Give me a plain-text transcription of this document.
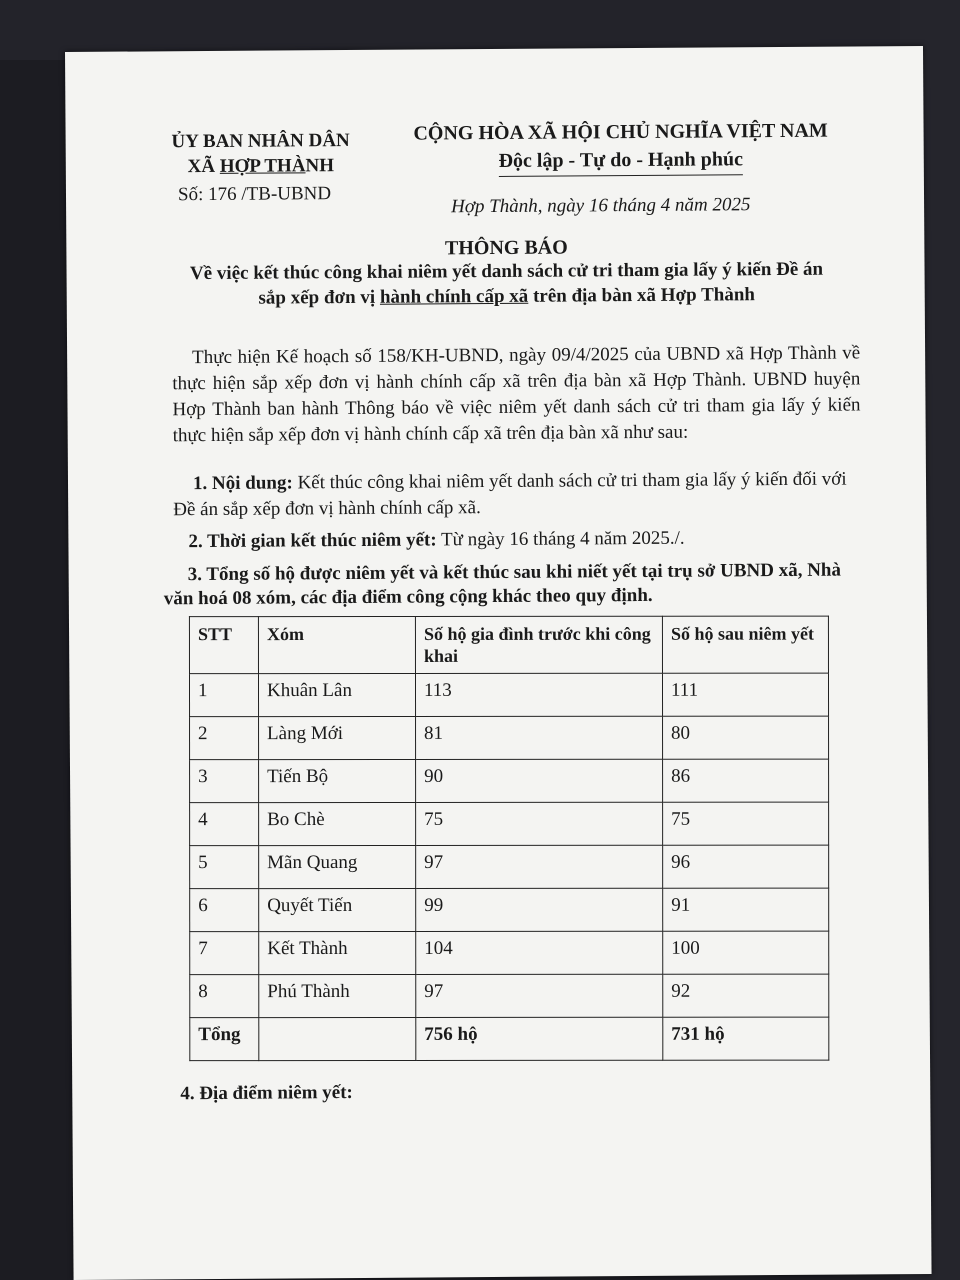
ỦY BAN NHÂN DÂN
XÃ HỢP THÀNH
Số: 176 /TB-UBND
CỘNG HÒA XÃ HỘI CHỦ NGHĨA VIỆT NAM
Độc lập - Tự do - Hạnh phúc
Hợp Thành, ngày 16 tháng 4 năm 2025
THÔNG BÁO
Về việc kết thúc công khai niêm yết danh sách cử tri tham gia lấy ý kiến Đề án
sắp xếp đơn vị hành chính cấp xã trên địa bàn xã Hợp Thành
Thực hiện Kế hoạch số 158/KH-UBND, ngày 09/4/2025 của UBND xã Hợp Thành về thực hiện sắp xếp đơn vị hành chính cấp xã trên địa bàn xã Hợp Thành. UBND huyện Hợp Thành ban hành Thông báo về việc niêm yết danh sách cử tri tham gia lấy ý kiến thực hiện sắp xếp đơn vị hành chính cấp xã trên địa bàn xã như sau:
1. Nội dung: Kết thúc công khai niêm yết danh sách cử tri tham gia lấy ý kiến đối với Đề án sắp xếp đơn vị hành chính cấp xã.
2. Thời gian kết thúc niêm yết: Từ ngày 16 tháng 4 năm 2025./.
3. Tổng số hộ được niêm yết và kết thúc sau khi niết yết tại trụ sở UBND xã, Nhà văn hoá 08 xóm, các địa điểm công cộng khác theo quy định.
STT	Xóm	Số hộ gia đình trước khi công khai	Số hộ sau niêm yết
1	Khuân Lân	113	111
2	Làng Mới	81	80
3	Tiến Bộ	90	86
4	Bo Chè	75	75
5	Mãn Quang	97	96
6	Quyết Tiến	99	91
7	Kết Thành	104	100
8	Phú Thành	97	92
Tổng		756 hộ	731 hộ
4. Địa điểm niêm yết:
